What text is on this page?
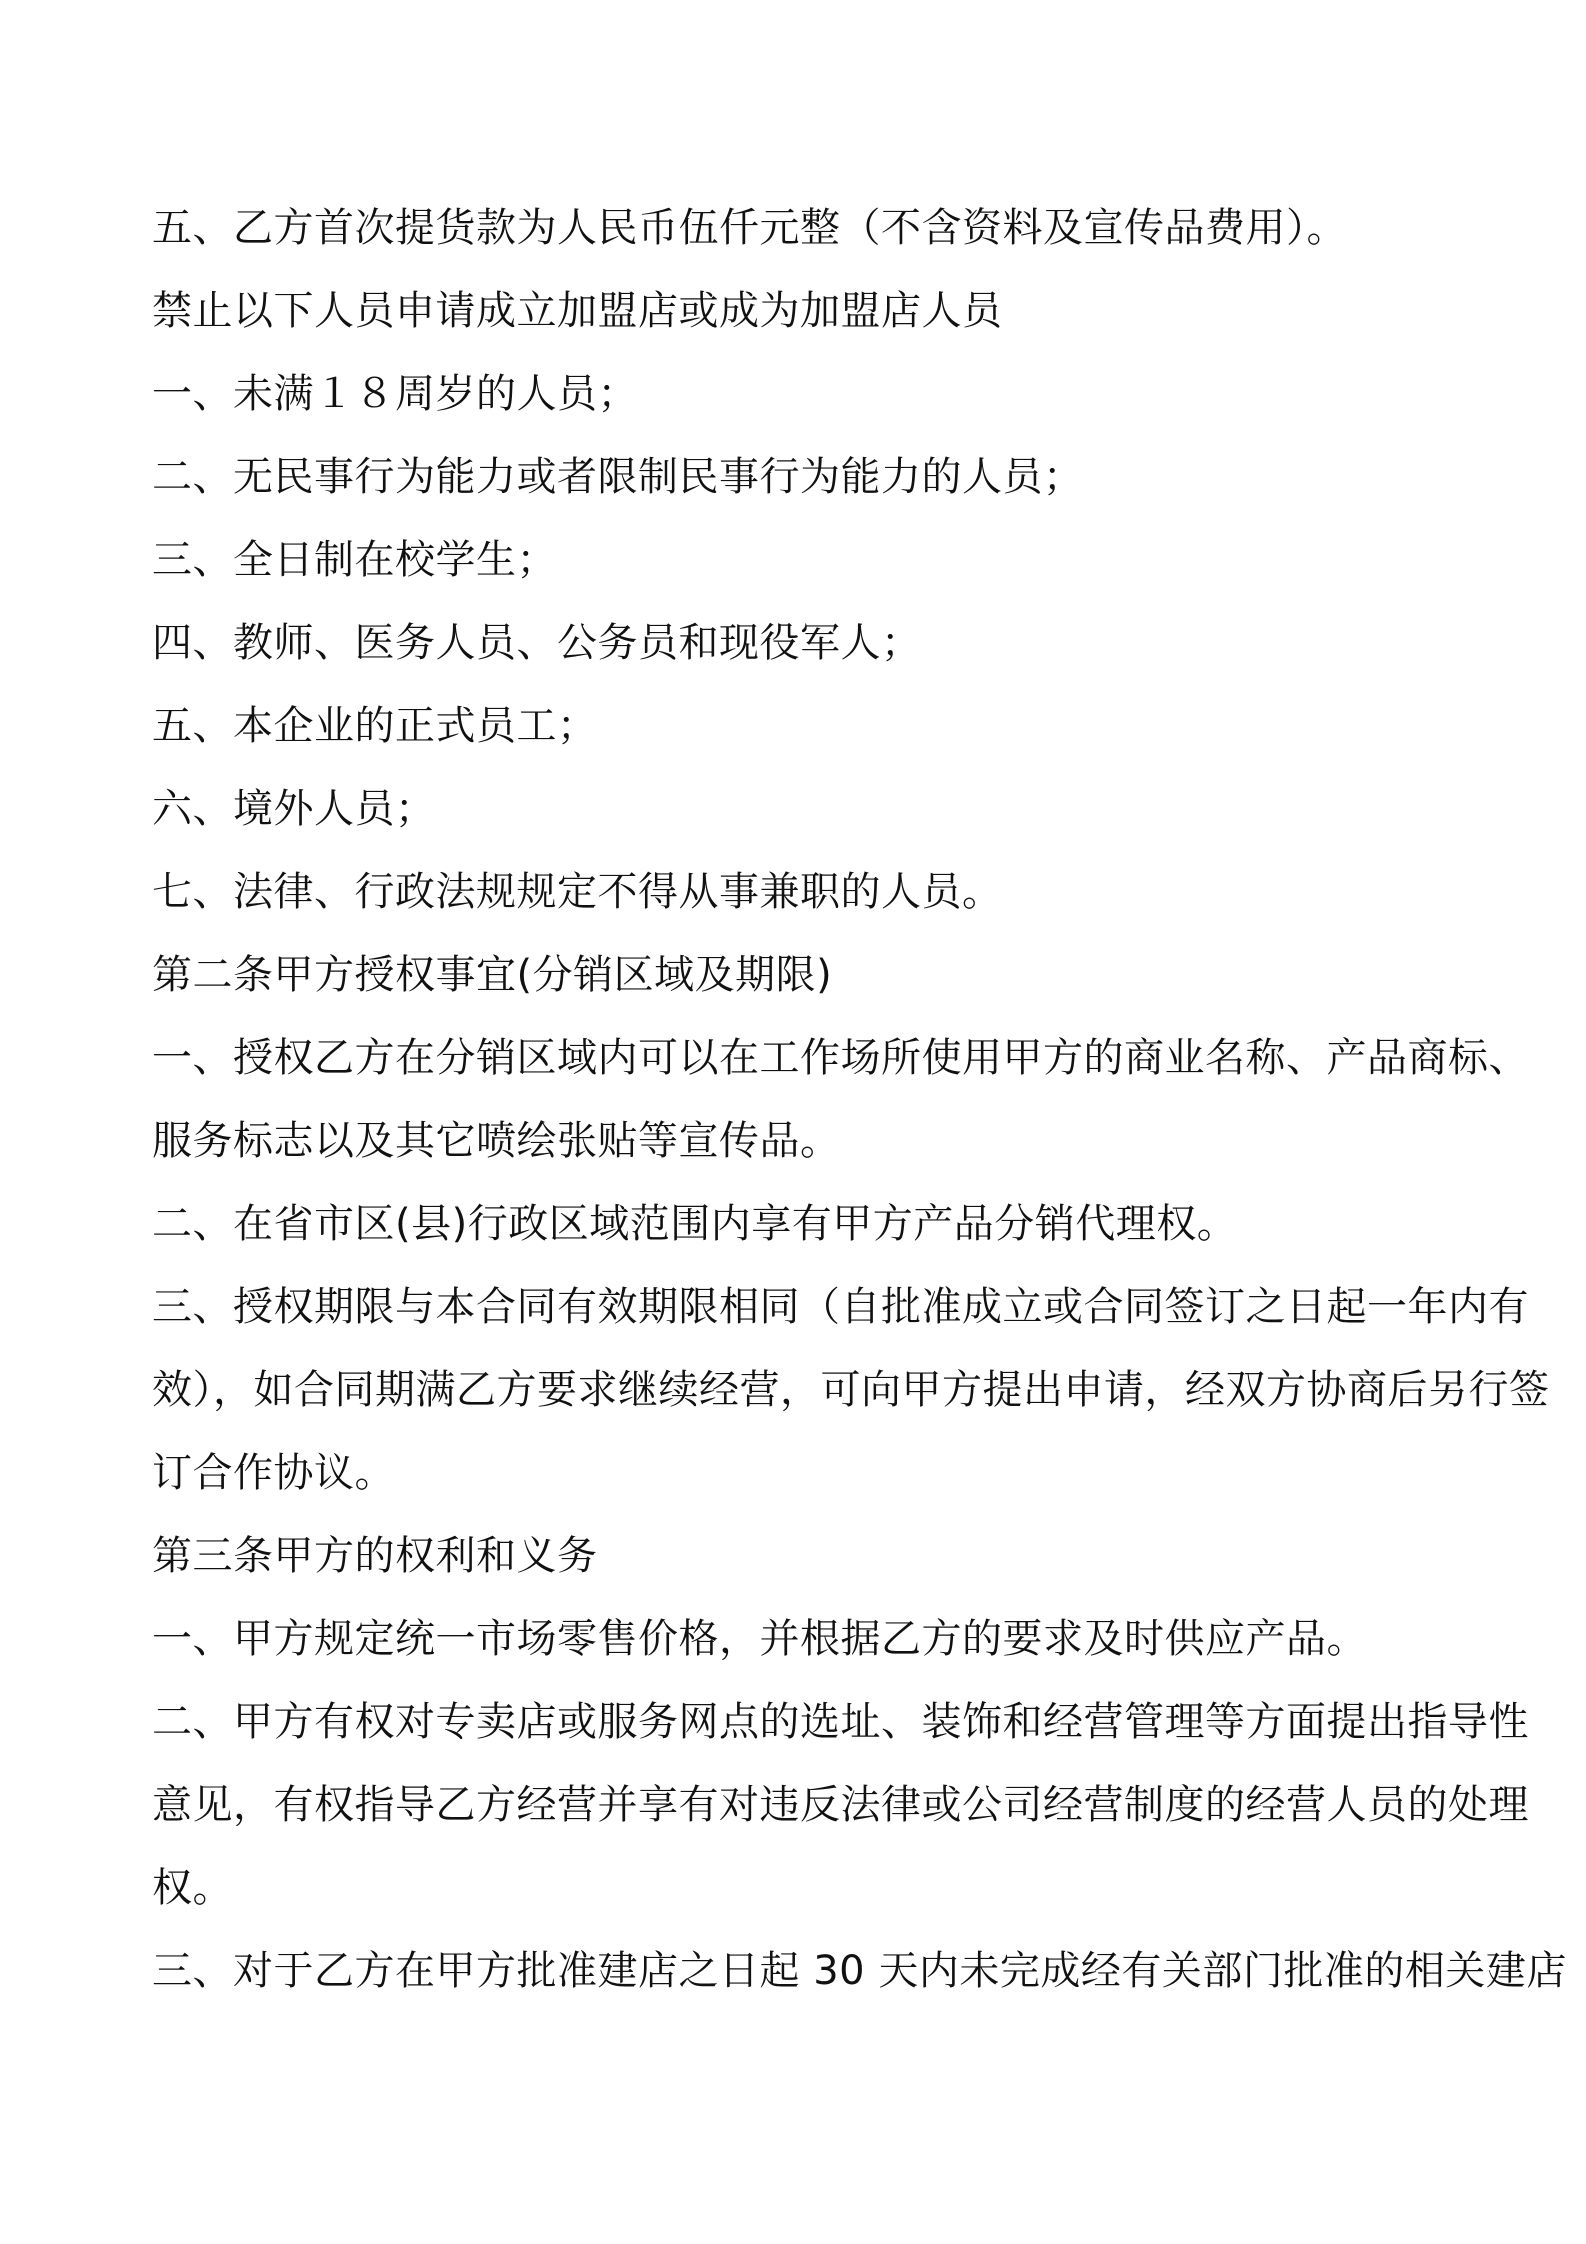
五、乙方首次提货款为人民币伍仟元整（不含资料及宣传品费用）。
禁止以下人员申请成立加盟店或成为加盟店人员
一、未满１８周岁的人员；
二、无民事行为能力或者限制民事行为能力的人员；
三、全日制在校学生；
四、教师、医务人员、公务员和现役军人；
五、本企业的正式员工；
六、境外人员；
七、法律、行政法规规定不得从事兼职的人员。
第二条甲方授权事宜(分销区域及期限)
一、授权乙方在分销区域内可以在工作场所使用甲方的商业名称、产品商标、
服务标志以及其它喷绘张贴等宣传品。
二、在省市区(县)行政区域范围内享有甲方产品分销代理权。
三、授权期限与本合同有效期限相同（自批准成立或合同签订之日起一年内有
效），如合同期满乙方要求继续经营，可向甲方提出申请，经双方协商后另行签
订合作协议。
第三条甲方的权利和义务
一、甲方规定统一市场零售价格，并根据乙方的要求及时供应产品。
二、甲方有权对专卖店或服务网点的选址、装饰和经营管理等方面提出指导性
意见，有权指导乙方经营并享有对违反法律或公司经营制度的经营人员的处理
权。
三、对于乙方在甲方批准建店之日起 30 天内未完成经有关部门批准的相关建店
